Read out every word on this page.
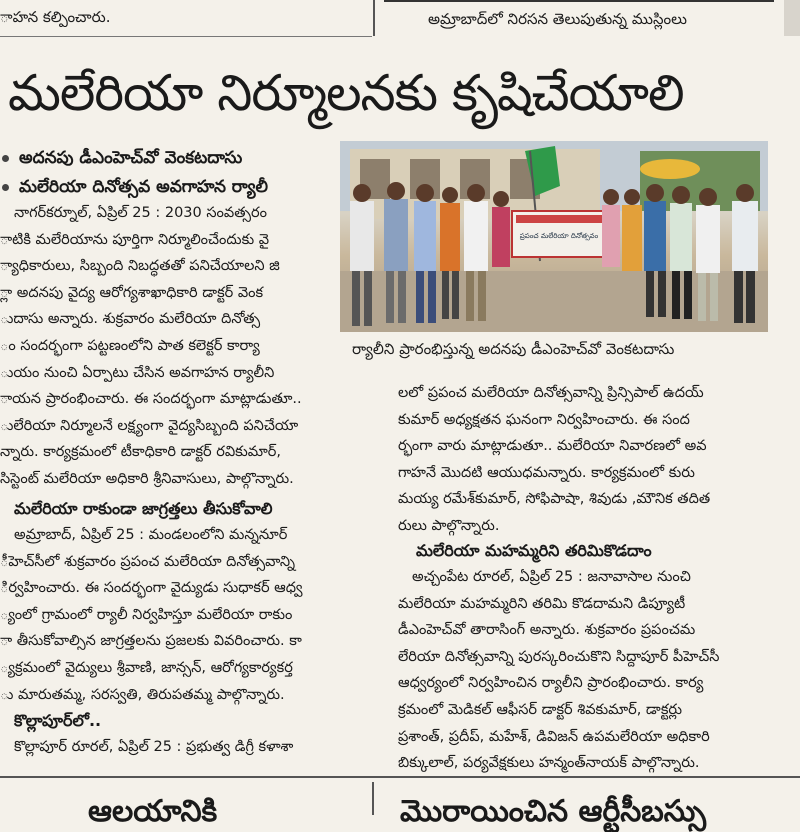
ాహన కల్పించారు.	అమ్రాబాద్‌లో నిరసన తెలుపుతున్న ముస్లింలు
మలేరియా నిర్మూలనకు కృషిచేయాలి
అదనపు డీఎంహెచ్‌వో వెంకటదాసు
మలేరియా దినోత్సవ అవగాహన ర్యాలీ
ప్రపంచ మలేరియా దినోత్సవం
ర్యాలీని ప్రారంభిస్తున్న అదనపు డీఎంహెచ్‌వో వెంకటదాసు
నాగర్‌కర్నూల్, ఏప్రిల్ 25 : 2030 సంవత్సరం
ాటికి మలేరియాను పూర్తిగా నిర్మూలించేందుకు వై
్యాధికారులు, సిబ్బంది నిబద్ధతతో పనిచేయాలని జి
్లా అదనపు వైద్య ఆరోగ్యశాఖాధికారి డాక్టర్ వెంక
ుదాసు అన్నారు. శుక్రవారం మలేరియా దినోత్స
ం సందర్భంగా పట్టణంలోని పాత కలెక్టర్ కార్యా
ుయం నుంచి ఏర్పాటు చేసిన అవగాహన ర్యాలీని
ాయన ప్రారంభించారు. ఈ సందర్భంగా మాట్లాడుతూ..
ులేరియా నిర్మూలనే లక్ష్యంగా వైద్యసిబ్బంది పనిచేయా
న్నారు. కార్యక్రమంలో టీకాధికారి డాక్టర్ రవికుమార్,
సిస్టెంట్ మలేరియా అధికారి శ్రీనివాసులు, పాల్గొన్నారు.
మలేరియా రాకుండా జాగ్రత్తలు తీసుకోవాలి
అమ్రాబాద్, ఏప్రిల్ 25 : మండలంలోని మన్ననూర్
ీహెచ్‌సీలో శుక్రవారం ప్రపంచ మలేరియా దినోత్సవాన్ని
ిర్వహించారు. ఈ సందర్భంగా వైద్యుడు సుధాకర్ ఆధ్వ
్యంలో గ్రామంలో ర్యాలీ నిర్వహిస్తూ మలేరియా రాకుం
ా తీసుకోవాల్సిన జాగ్రత్తలను ప్రజలకు వివరించారు. కా
్యక్రమంలో వైద్యులు శ్రీవాణి, జాన్సన్, ఆరోగ్యకార్యకర్త
ు మారుతమ్మ, సరస్వతి, తిరుపతమ్మ పాల్గొన్నారు.
కొల్లాపూర్‌లో..
కొల్లాపూర్ రూరల్, ఏప్రిల్ 25 : ప్రభుత్వ డిగ్రీ కళాశా
లలో ప్రపంచ మలేరియా దినోత్సవాన్ని ప్రిన్సిపాల్ ఉదయ్
కుమార్ అధ్యక్షతన ఘనంగా నిర్వహించారు. ఈ సంద
ర్భంగా వారు మాట్లాడుతూ.. మలేరియా నివారణలో అవ
గాహనే మొదటి ఆయుధమన్నారు. కార్యక్రమంలో కురు
మయ్య రమేశ్‌కుమార్, సోఫిపాషా, శివుడు ,మౌనిక తదిత
రులు పాల్గొన్నారు.
మలేరియా మహమ్మరిని తరిమికొడదాం
అచ్చంపేట రూరల్, ఏప్రిల్ 25 : జనావాసాల నుంచి
మలేరియా మహమ్మరిని తరిమి కొడదామని డిప్యూటీ
డీఎంహెచ్‌వో తారాసింగ్ అన్నారు. శుక్రవారం ప్రపంచమ
లేరియా దినోత్సవాన్ని పురస్కరించుకొని సిద్దాపూర్ పీహెచ్‌సీ
ఆధ్వర్యంలో నిర్వహించిన ర్యాలీని ప్రారంభించారు. కార్య
క్రమంలో మెడికల్ ఆఫీసర్ డాక్టర్ శివకుమార్, డాక్టర్లు
ప్రశాంత్, ప్రదీప్, మహేశ్, డివిజన్ ఉపమలేరియా అధికారి
బిక్కులాల్, పర్యవేక్షకులు హన్మంత్‌నాయక్ పాల్గొన్నారు.
ఆలయానికి	మొరాయించిన ఆర్టీసీబస్సు
